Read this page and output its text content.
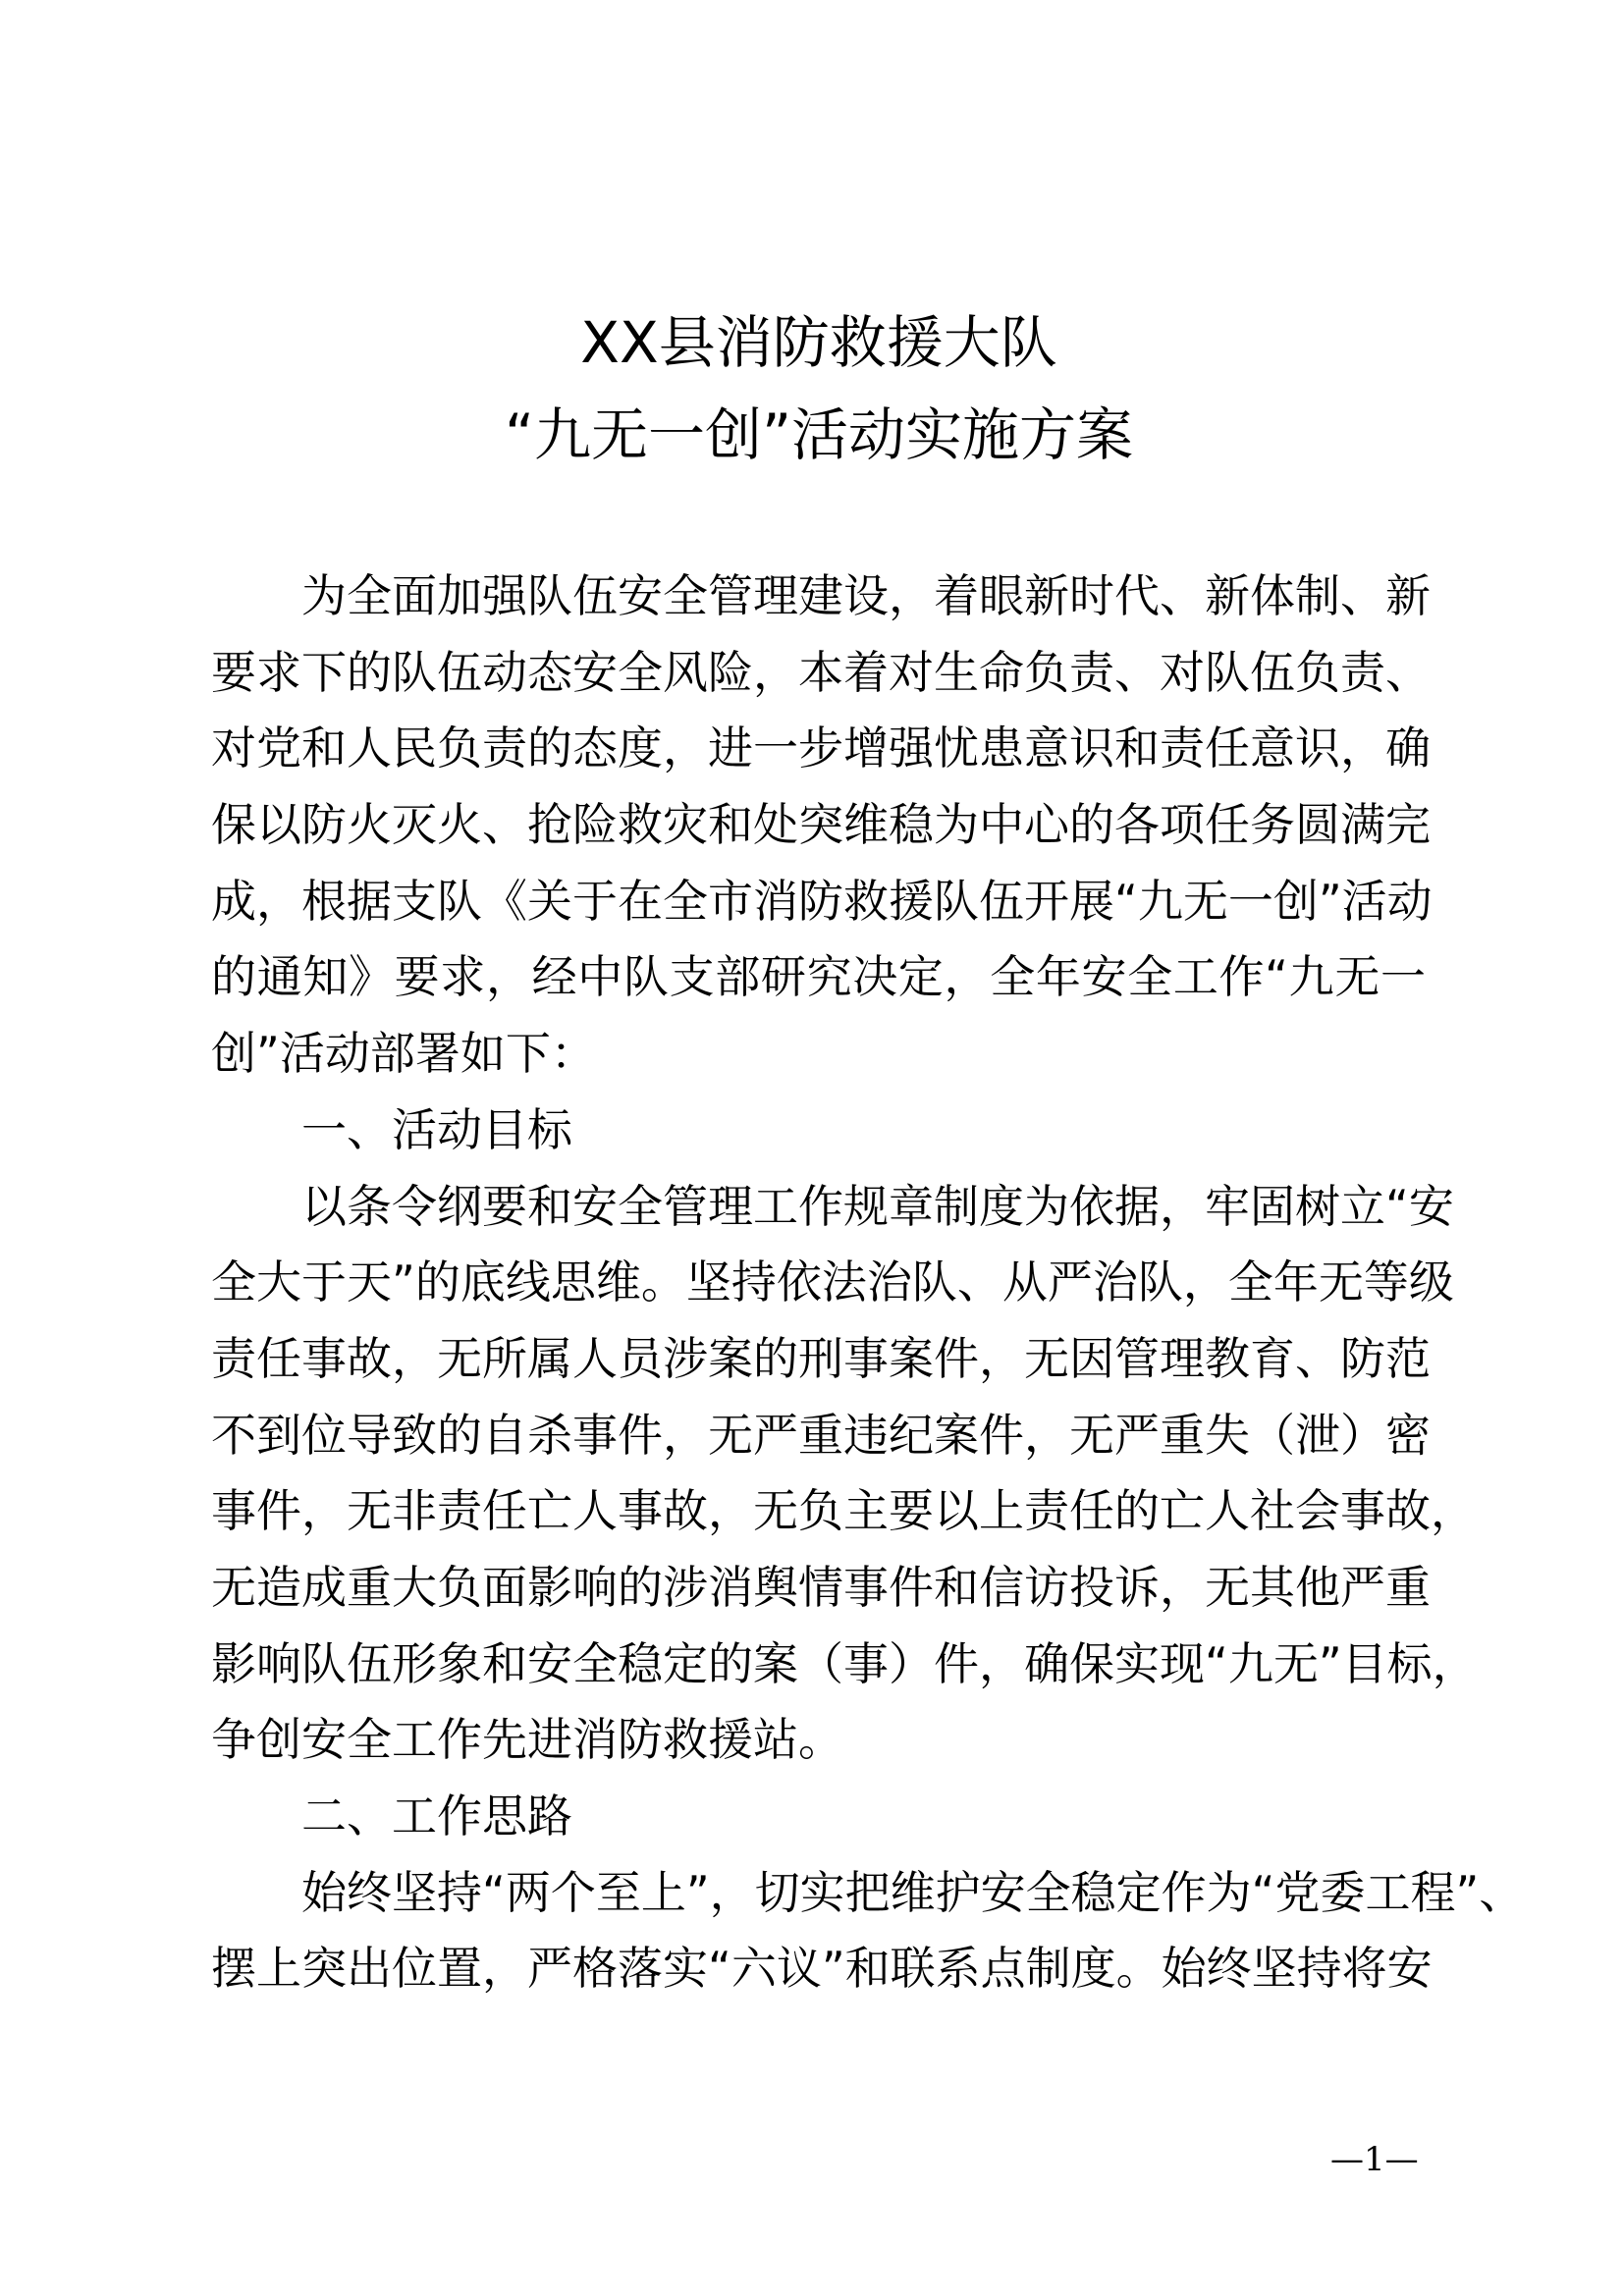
XX县消防救援大队
“九无一创”活动实施方案
为全面加强队伍安全管理建设，着眼新时代、新体制、新
要求下的队伍动态安全风险，本着对生命负责、对队伍负责、
对党和人民负责的态度，进一步增强忧患意识和责任意识，确
保以防火灭火、抢险救灾和处突维稳为中心的各项任务圆满完
成，根据支队《关于在全市消防救援队伍开展“九无一创”活动
的通知》要求，经中队支部研究决定，全年安全工作“九无一
创”活动部署如下：
一、活动目标
以条令纲要和安全管理工作规章制度为依据，牢固树立“安
全大于天”的底线思维。坚持依法治队、从严治队，全年无等级
责任事故，无所属人员涉案的刑事案件，无因管理教育、防范
不到位导致的自杀事件，无严重违纪案件，无严重失（泄）密
事件，无非责任亡人事故，无负主要以上责任的亡人社会事故，
无造成重大负面影响的涉消舆情事件和信访投诉，无其他严重
影响队伍形象和安全稳定的案（事）件，确保实现“九无”目标，
争创安全工作先进消防救援站。
二、工作思路
始终坚持“两个至上”，切实把维护安全稳定作为“党委工程”、
摆上突出位置，严格落实“六议”和联系点制度。始终坚持将安
—1—
